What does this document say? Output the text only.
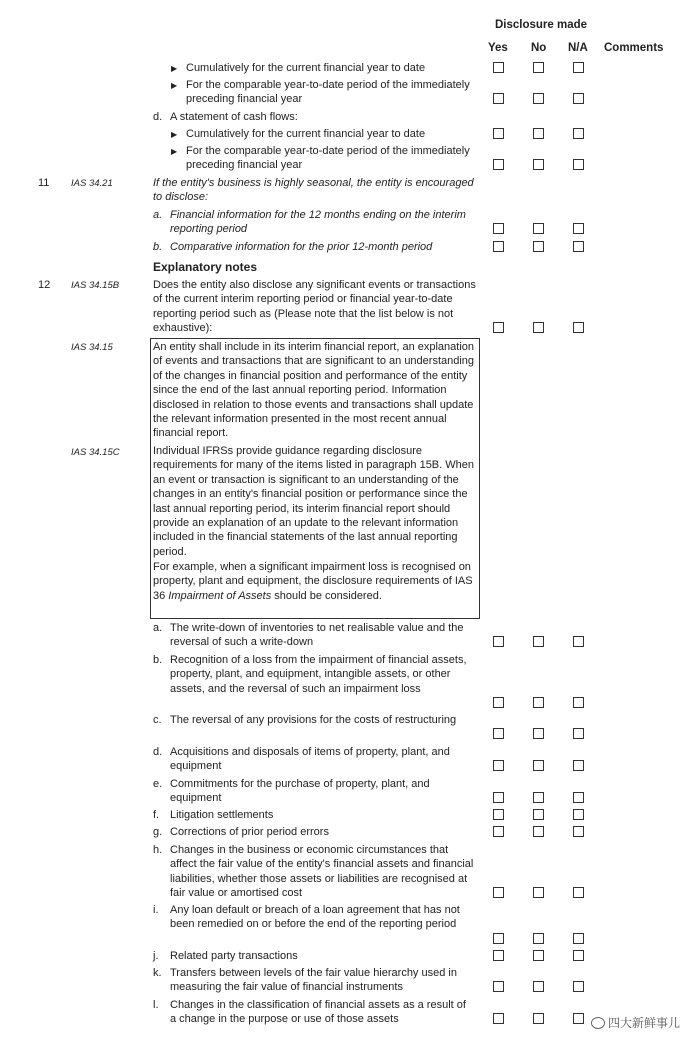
Disclosure made
Yes No N/A Comments
▶ Cumulatively for the current financial year to date
▶ For the comparable year-to-date period of the immediately preceding financial year
d. A statement of cash flows:
▶ Cumulatively for the current financial year to date
▶ For the comparable year-to-date period of the immediately preceding financial year
11 IAS 34.21	If the entity's business is highly seasonal, the entity is encouraged to disclose:
a. Financial information for the 12 months ending on the interim reporting period
b. Comparative information for the prior 12-month period
Explanatory notes
12 IAS 34.15B	Does the entity also disclose any significant events or transactions of the current interim reporting period or financial year-to-date reporting period such as (Please note that the list below is not exhaustive):
IAS 34.15	An entity shall include in its interim financial report, an explanation of events and transactions that are significant to an understanding of the changes in financial position and performance of the entity since the end of the last annual reporting period. Information disclosed in relation to those events and transactions shall update the relevant information presented in the most recent annual financial report.
IAS 34.15C	Individual IFRSs provide guidance regarding disclosure requirements for many of the items listed in paragraph 15B. When an event or transaction is significant to an understanding of the changes in an entity's financial position or performance since the last annual reporting period, its interim financial report should provide an explanation of an update to the relevant information included in the financial statements of the last annual reporting period.
For example, when a significant impairment loss is recognised on property, plant and equipment, the disclosure requirements of IAS 36 Impairment of Assets should be considered.
a. The write-down of inventories to net realisable value and the reversal of such a write-down
b. Recognition of a loss from the impairment of financial assets, property, plant, and equipment, intangible assets, or other assets, and the reversal of such an impairment loss
c. The reversal of any provisions for the costs of restructuring
d. Acquisitions and disposals of items of property, plant, and equipment
e. Commitments for the purchase of property, plant, and equipment
f. Litigation settlements
g. Corrections of prior period errors
h. Changes in the business or economic circumstances that affect the fair value of the entity's financial assets and financial liabilities, whether those assets or liabilities are recognised at fair value or amortised cost
i.	Any loan default or breach of a loan agreement that has not been remedied on or before the end of the reporting period
j.	Related party transactions
k. Transfers between levels of the fair value hierarchy used in measuring the fair value of financial instruments
l.	Changes in the classification of financial assets as a result of a change in the purpose or use of those assets	四大新鲜事儿
